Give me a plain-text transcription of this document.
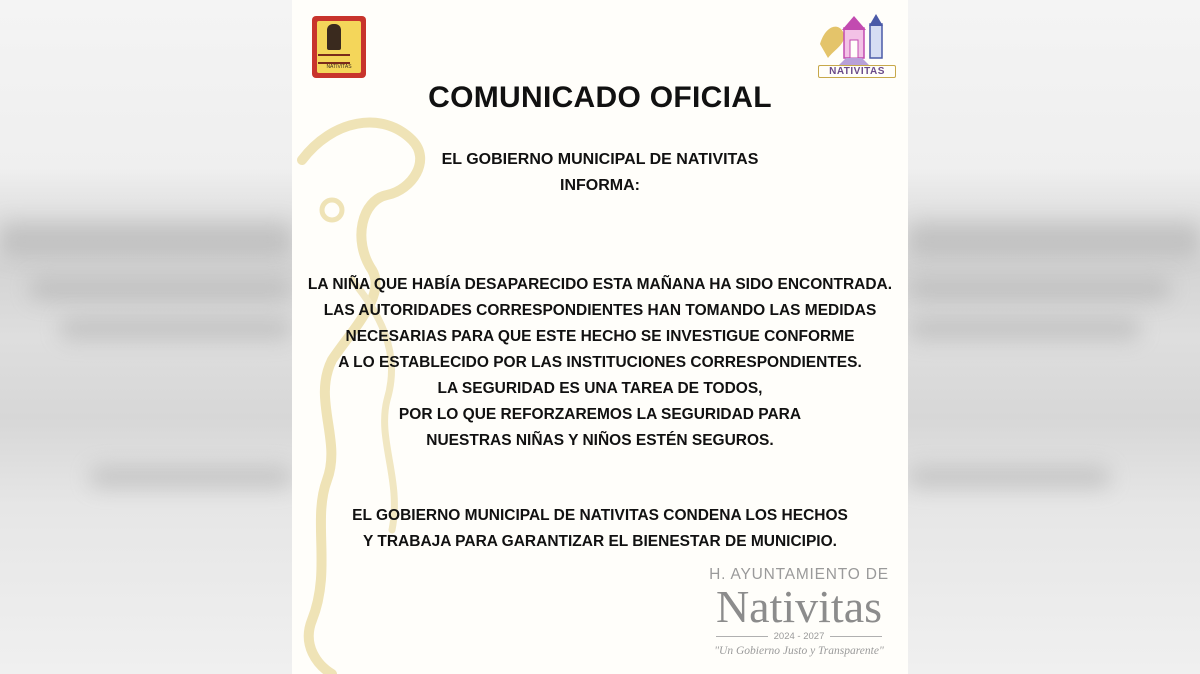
NATIVITAS	NATIVITAS
COMUNICADO OFICIAL
EL GOBIERNO MUNICIPAL DE NATIVITAS
INFORMA:
LA NIÑA QUE HABÍA DESAPARECIDO ESTA MAÑANA HA SIDO ENCONTRADA.
LAS AUTORIDADES CORRESPONDIENTES HAN TOMANDO LAS MEDIDAS
NECESARIAS PARA QUE ESTE HECHO SE INVESTIGUE CONFORME
A LO ESTABLECIDO POR LAS INSTITUCIONES CORRESPONDIENTES.
LA SEGURIDAD ES UNA TAREA DE TODOS,
POR LO QUE REFORZAREMOS LA SEGURIDAD PARA
NUESTRAS NIÑAS Y NIÑOS ESTÉN SEGUROS.
EL GOBIERNO MUNICIPAL DE NATIVITAS CONDENA LOS HECHOS
Y TRABAJA PARA GARANTIZAR EL BIENESTAR DE MUNICIPIO.
H. AYUNTAMIENTO DE
Nativitas
2024 - 2027
"Un Gobierno Justo y Transparente"
